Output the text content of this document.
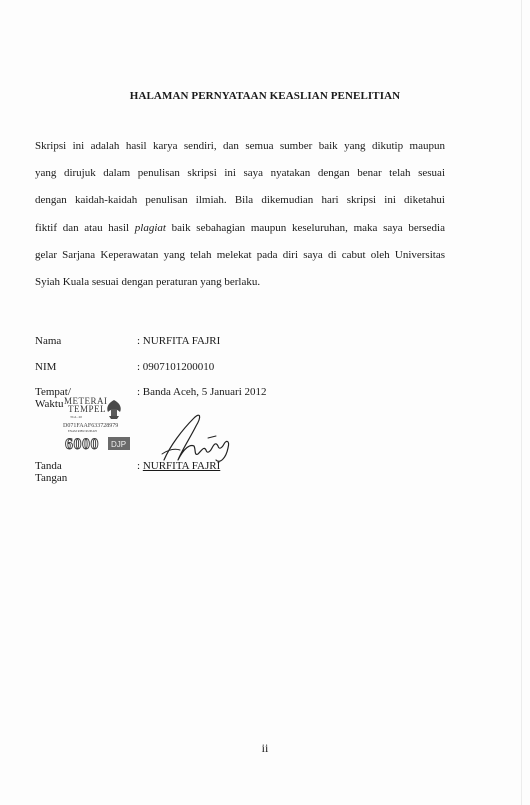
HALAMAN PERNYATAAN KEASLIAN PENELITIAN
Skripsi ini adalah hasil karya sendiri, dan semua sumber baik yang dikutip maupun
yang dirujuk dalam penulisan skripsi ini saya nyatakan dengan benar telah sesuai
dengan kaidah-kaidah penulisan ilmiah. Bila dikemudian hari skripsi ini diketahui
fiktif dan atau hasil plagiat baik sebahagian maupun keseluruhan, maka saya bersedia
gelar Sarjana Keperawatan yang telah melekat pada diri saya di cabut oleh Universitas
Syiah Kuala sesuai dengan peraturan yang berlaku.
Nama	: NURFITA FAJRI
NIM	: 0907101200010
Tempat/ Waktu
: Banda Aceh, 5 Januari 2012
METERAI
TEMPEL
TGL. 20
D071FAAF633728979
ENAM RIBU RUPIAH
6000 DJP
Tanda Tangan
: NURFITA FAJRI
ii
